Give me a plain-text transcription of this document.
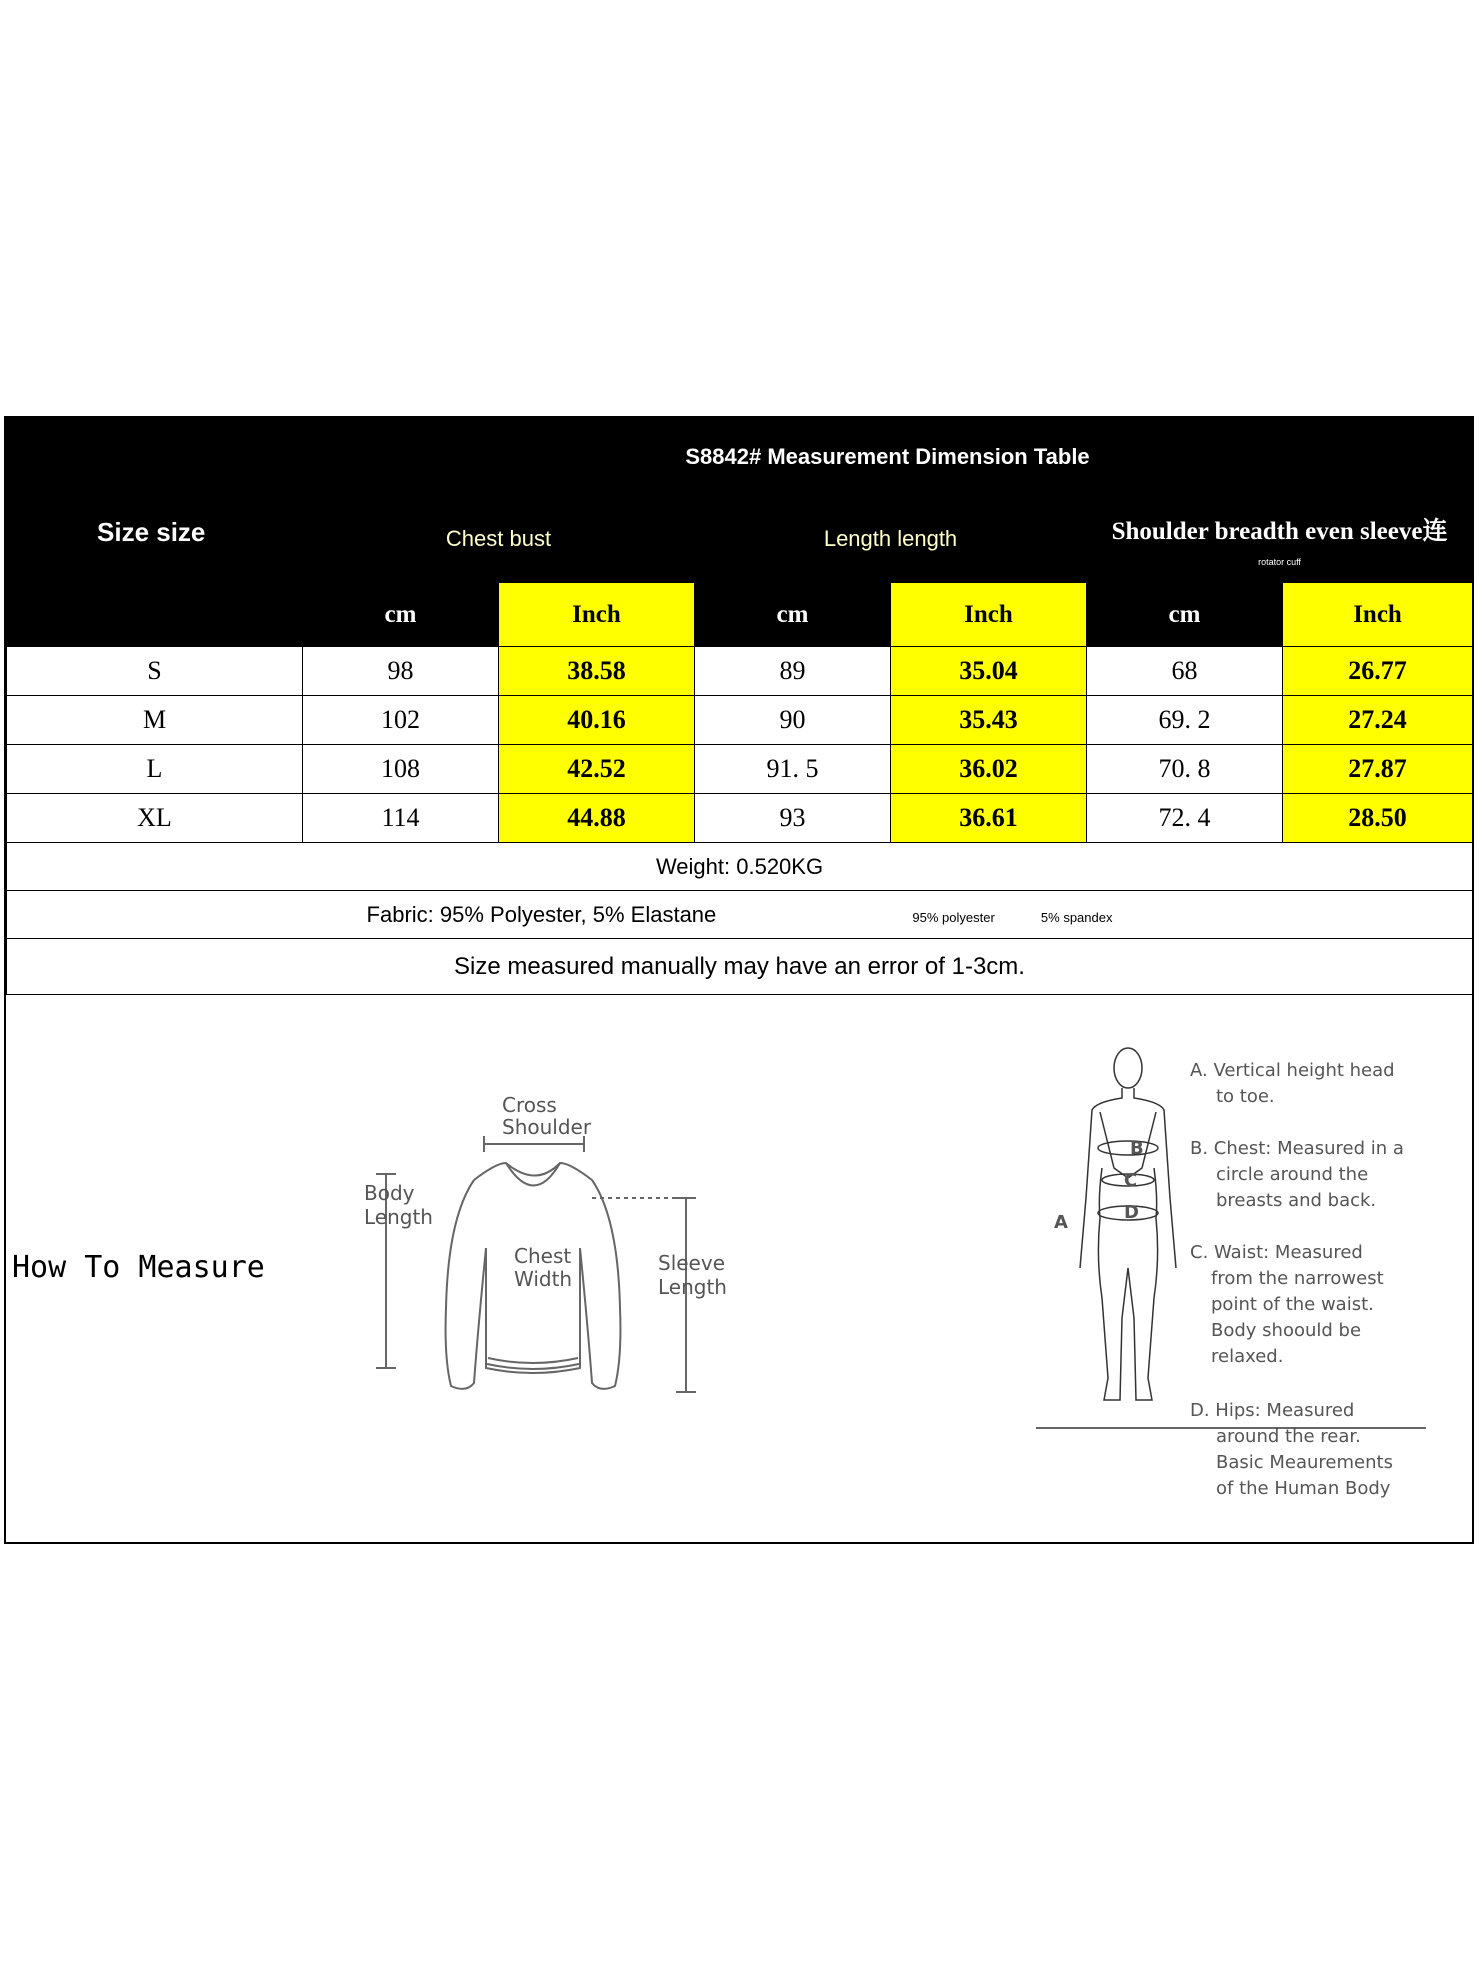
Size size	S8842# Measurement Dimension Table					
	Chest bust		Length length		Shoulder breadth even sleeve连
rotator cuff	

	cm	Inch	cm	Inch	cm	Inch
S	98	38.58	89	35.04	68	26.77
M	102	40.16	90	35.43	69. 2	27.24
L	108	42.52	91. 5	36.02	70. 8	27.87
XL	114	44.88	93	36.61	72. 4	28.50
Weight: 0.520KG						
Fabric: 95% Polyester, 5% Elastane 95% polyester 5% spandex						
Size measured manually may have an error of 1-3cm.						
How To Measure
Cross
Shoulder
Body
Length
Chest
Width
Sleeve
Length
B
C
D
A
A. Vertical height head
to toe.
B. Chest: Measured in a
circle around the
breasts and back.
C. Waist: Measured
from the narrowest
point of the waist.
Body shoould be
relaxed.
D. Hips: Measured
around the rear.
Basic Meaurements
of the Human Body
